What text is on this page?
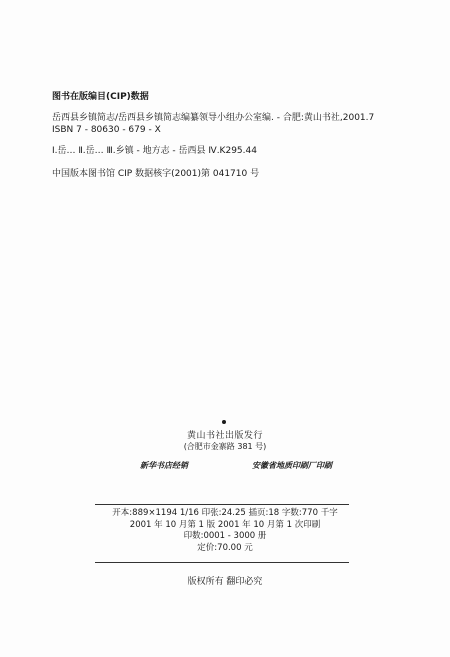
图书在版编目(CIP)数据

岳西县乡镇简志/岳西县乡镇简志编纂领导小组办公室编. - 合肥:黄山书社,2001.7

ISBN 7 - 80630 - 679 - X

Ⅰ.岳… Ⅱ.岳… Ⅲ.乡镇 - 地方志 - 岳西县 Ⅳ.K295.44

中国版本图书馆 CIP 数据核字(2001)第 041710 号

黄山书社出版发行
(合肥市金寨路 381 号)
新华书店经销	安徽省地质印刷厂印刷

开本:889×1194 1/16 印张:24.25 插页:18 字数:770 千字

2001 年 10 月第 1 版 2001 年 10 月第 1 次印刷

印数:0001 - 3000 册

定价:70.00 元

版权所有 翻印必究
